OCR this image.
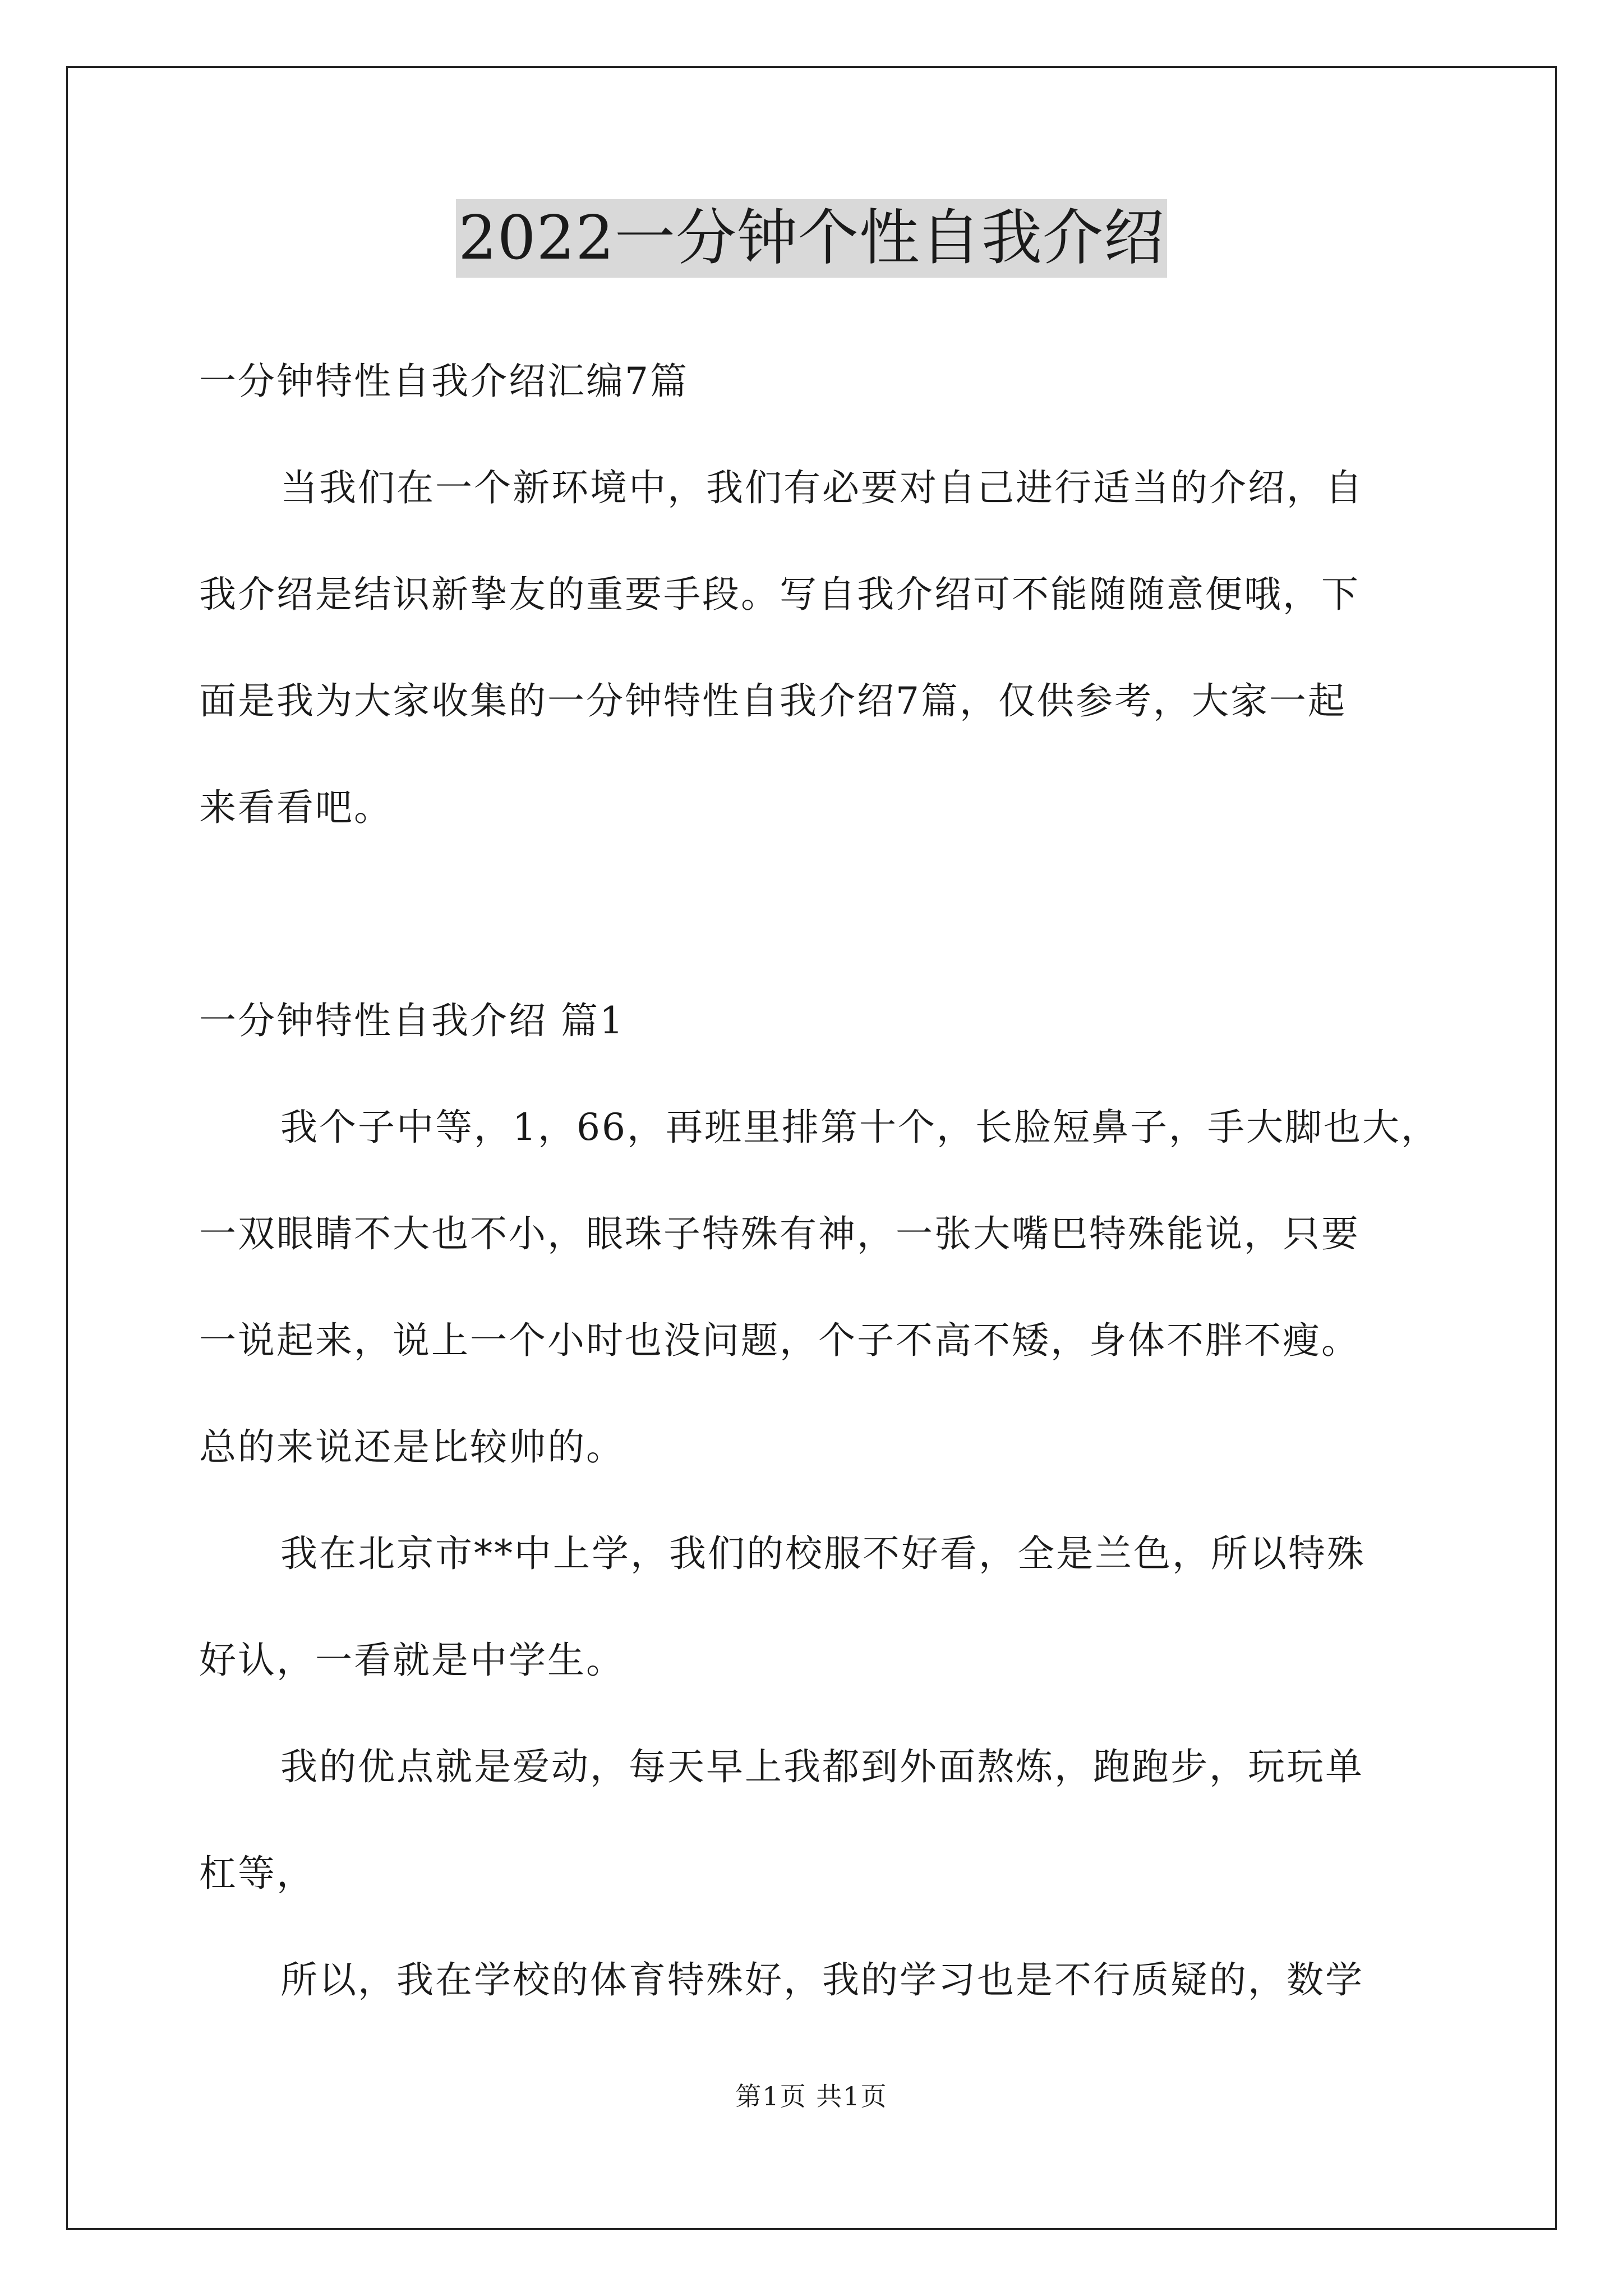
2022一分钟个性自我介绍
一分钟特性自我介绍汇编7篇
当我们在一个新环境中，我们有必要对自己进行适当的介绍，自
我介绍是结识新挚友的重要手段。写自我介绍可不能随随意便哦，下
面是我为大家收集的一分钟特性自我介绍7篇，仅供参考，大家一起
来看看吧。
一分钟特性自我介绍 篇1
我个子中等，1，66，再班里排第十个，长脸短鼻子，手大脚也大，
一双眼睛不大也不小，眼珠子特殊有神，一张大嘴巴特殊能说，只要
一说起来，说上一个小时也没问题，个子不高不矮，身体不胖不瘦。
总的来说还是比较帅的。
我在北京市**中上学，我们的校服不好看，全是兰色，所以特殊
好认，一看就是中学生。
我的优点就是爱动，每天早上我都到外面熬炼，跑跑步，玩玩单
杠等，
所以，我在学校的体育特殊好，我的学习也是不行质疑的，数学
第1页 共1页
